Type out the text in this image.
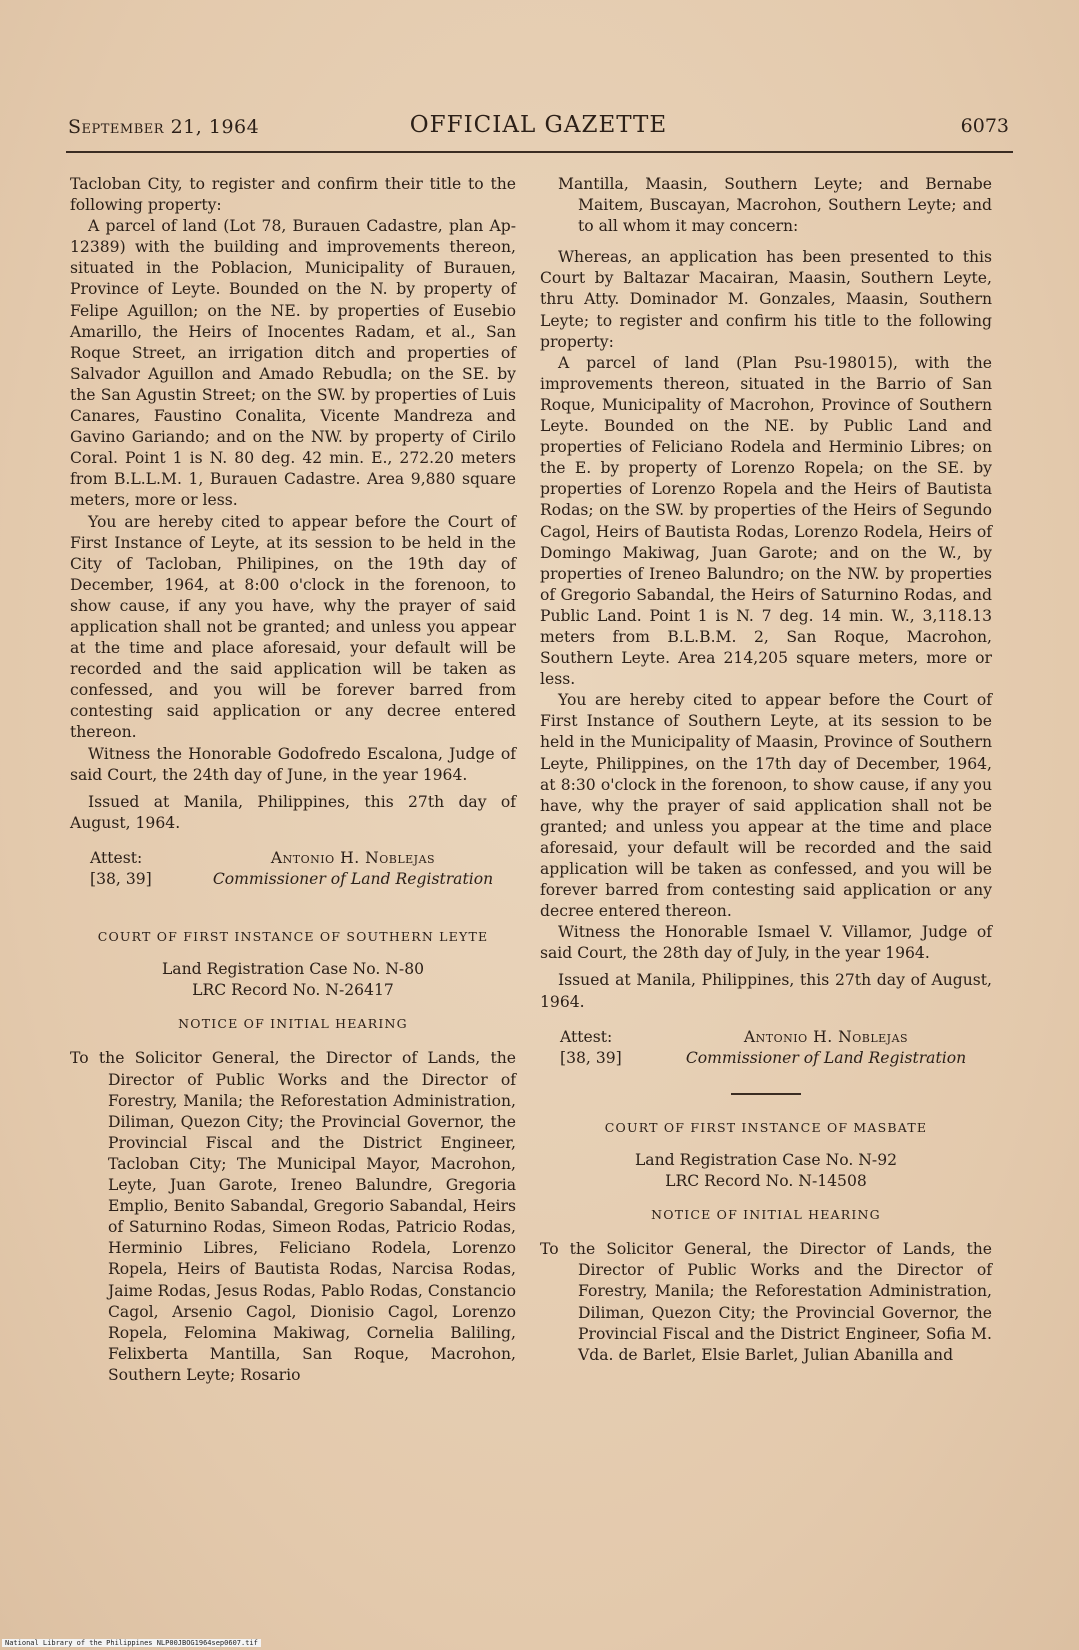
September 21, 1964	OFFICIAL GAZETTE	6073

Tacloban City, to register and confirm their title to the following property:

A parcel of land (Lot 78, Burauen Cadastre, plan Ap-12389) with the building and improvements thereon, situated in the Poblacion, Municipality of Burauen, Province of Leyte. Bounded on the N. by property of Felipe Aguillon; on the NE. by properties of Eusebio Amarillo, the Heirs of Inocentes Radam, et al., San Roque Street, an irrigation ditch and properties of Salvador Aguillon and Amado Rebudla; on the SE. by the San Agustin Street; on the SW. by properties of Luis Canares, Faustino Conalita, Vicente Mandreza and Gavino Gariando; and on the NW. by property of Cirilo Coral. Point 1 is N. 80 deg. 42 min. E., 272.20 meters from B.L.L.M. 1, Burauen Cadastre. Area 9,880 square meters, more or less.

You are hereby cited to appear before the Court of First Instance of Leyte, at its session to be held in the City of Tacloban, Philipines, on the 19th day of December, 1964, at 8:00 o'clock in the forenoon, to show cause, if any you have, why the prayer of said application shall not be granted; and unless you appear at the time and place aforesaid, your default will be recorded and the said application will be taken as confessed, and you will be forever barred from contesting said application or any decree entered thereon.

Witness the Honorable Godofredo Escalona, Judge of said Court, the 24th day of June, in the year 1964.

Issued at Manila, Philippines, this 27th day of August, 1964.

Attest:
[38, 39]
Antonio H. Noblejas
Commissioner of Land Registration

COURT OF FIRST INSTANCE OF SOUTHERN LEYTE

Land Registration Case No. N-80

LRC Record No. N-26417

NOTICE OF INITIAL HEARING

To the Solicitor General, the Director of Lands, the Director of Public Works and the Director of Forestry, Manila; the Reforestation Administration, Diliman, Quezon City; the Provincial Governor, the Provincial Fiscal and the District Engineer, Tacloban City; The Municipal Mayor, Macrohon, Leyte, Juan Garote, Ireneo Balundre, Gregoria Emplio, Benito Sabandal, Gregorio Sabandal, Heirs of Saturnino Rodas, Simeon Rodas, Patricio Rodas, Herminio Libres, Feliciano Rodela, Lorenzo Ropela, Heirs of Bautista Rodas, Narcisa Rodas, Jaime Rodas, Jesus Rodas, Pablo Rodas, Constancio Cagol, Arsenio Cagol, Dionisio Cagol, Lorenzo Ropela, Felomina Makiwag, Cornelia Baliling, Felixberta Mantilla, San Roque, Macrohon, Southern Leyte; Rosario

Mantilla, Maasin, Southern Leyte; and Bernabe Maitem, Buscayan, Macrohon, Southern Leyte; and to all whom it may concern:

Whereas, an application has been presented to this Court by Baltazar Macairan, Maasin, Southern Leyte, thru Atty. Dominador M. Gonzales, Maasin, Southern Leyte; to register and confirm his title to the following property:

A parcel of land (Plan Psu-198015), with the improvements thereon, situated in the Barrio of San Roque, Municipality of Macrohon, Province of Southern Leyte. Bounded on the NE. by Public Land and properties of Feliciano Rodela and Herminio Libres; on the E. by property of Lorenzo Ropela; on the SE. by properties of Lorenzo Ropela and the Heirs of Bautista Rodas; on the SW. by properties of the Heirs of Segundo Cagol, Heirs of Bautista Rodas, Lorenzo Rodela, Heirs of Domingo Makiwag, Juan Garote; and on the W., by properties of Ireneo Balundro; on the NW. by properties of Gregorio Sabandal, the Heirs of Saturnino Rodas, and Public Land. Point 1 is N. 7 deg. 14 min. W., 3,118.13 meters from B.L.B.M. 2, San Roque, Macrohon, Southern Leyte. Area 214,205 square meters, more or less.

You are hereby cited to appear before the Court of First Instance of Southern Leyte, at its session to be held in the Municipality of Maasin, Province of Southern Leyte, Philippines, on the 17th day of December, 1964, at 8:30 o'clock in the forenoon, to show cause, if any you have, why the prayer of said application shall not be granted; and unless you appear at the time and place aforesaid, your default will be recorded and the said application will be taken as confessed, and you will be forever barred from contesting said application or any decree entered thereon.

Witness the Honorable Ismael V. Villamor, Judge of said Court, the 28th day of July, in the year 1964.

Issued at Manila, Philippines, this 27th day of August, 1964.

Attest:
[38, 39]
Antonio H. Noblejas
Commissioner of Land Registration

COURT OF FIRST INSTANCE OF MASBATE

Land Registration Case No. N-92

LRC Record No. N-14508

NOTICE OF INITIAL HEARING

To the Solicitor General, the Director of Lands, the Director of Public Works and the Director of Forestry, Manila; the Reforestation Administration, Diliman, Quezon City; the Provincial Governor, the Provincial Fiscal and the District Engineer, Sofia M. Vda. de Barlet, Elsie Barlet, Julian Abanilla and

National Library of the Philippines NLP00JBOG1964sep0607.tif
